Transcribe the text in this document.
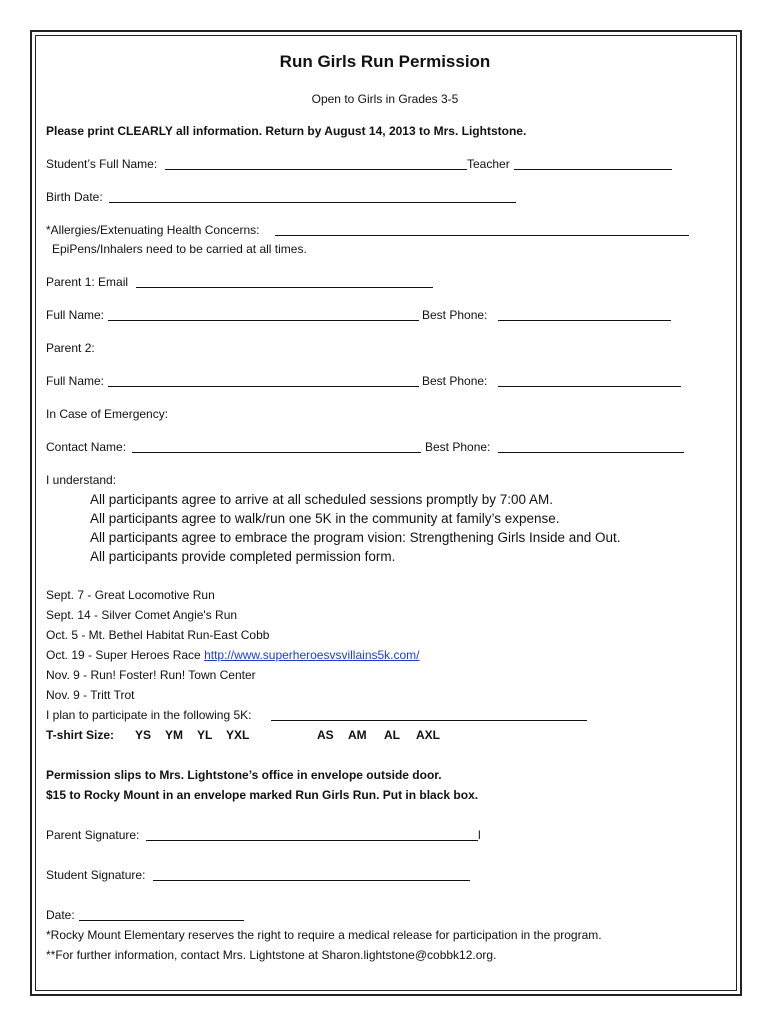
Run Girls Run Permission
Open to Girls in Grades 3-5
Please print CLEARLY all information. Return by August 14, 2013 to Mrs. Lightstone.
Student’s Full Name:	Teacher
Birth Date:
*Allergies/Extenuating Health Concerns:
EpiPens/Inhalers need to be carried at all times.
Parent 1: Email
Full Name:	Best Phone:
Parent 2:
Full Name:	Best Phone:
In Case of Emergency:
Contact Name:	Best Phone:
I understand:
All participants agree to arrive at all scheduled sessions promptly by 7:00 AM.
All participants agree to walk/run one 5K in the community at family’s expense.
All participants agree to embrace the program vision: Strengthening Girls Inside and Out.
All participants provide completed permission form.
Sept. 7 - Great Locomotive Run
Sept. 14 - Silver Comet Angie's Run
Oct. 5 - Mt. Bethel Habitat Run-East Cobb
Oct. 19 - Super Heroes Race http://www.superheroesvsvillains5k.com/
Nov. 9 - Run! Foster! Run! Town Center
Nov. 9 - Tritt Trot
I plan to participate in the following 5K:
T-shirt Size: YS YM YL YXL	AS AM AL AXL
Permission slips to Mrs. Lightstone’s office in envelope outside door.
$15 to Rocky Mount in an envelope marked Run Girls Run. Put in black box.
Parent Signature:	l
Student Signature:
Date:
*Rocky Mount Elementary reserves the right to require a medical release for participation in the program.
**For further information, contact Mrs. Lightstone at Sharon.lightstone@cobbk12.org.
